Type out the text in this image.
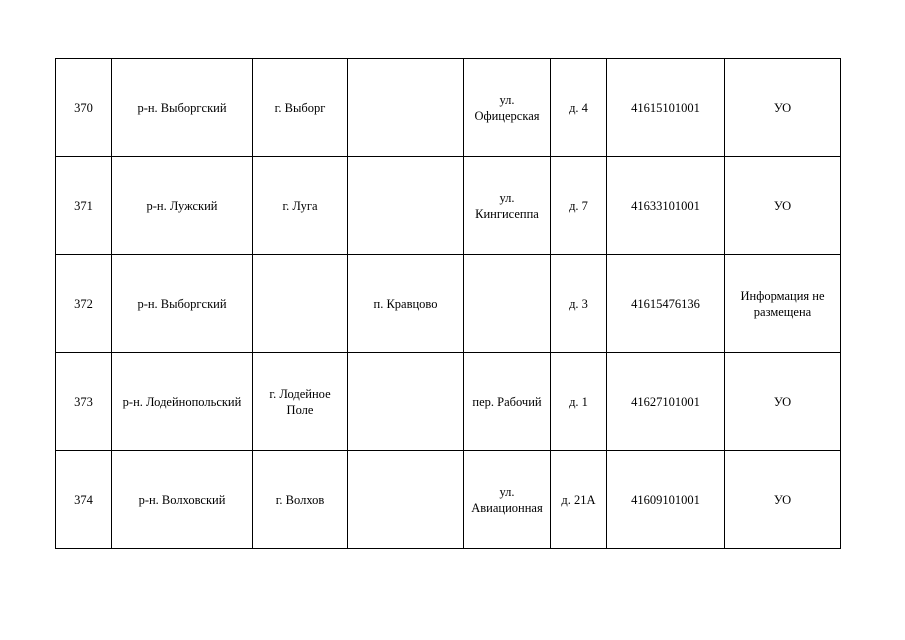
370	р-н. Выборгский	г. Выборг		ул. Офицерская	д. 4	41615101001	УО
371	р-н. Лужский	г. Луга		ул. Кингисеппа	д. 7	41633101001	УО
372	р-н. Выборгский		п. Кравцово		д. 3	41615476136	Информация не размещена
373	р-н. Лодейнопольский	г. Лодейное Поле		пер. Рабочий	д. 1	41627101001	УО
374	р-н. Волховский	г. Волхов		ул. Авиационная	д. 21А	41609101001	УО
